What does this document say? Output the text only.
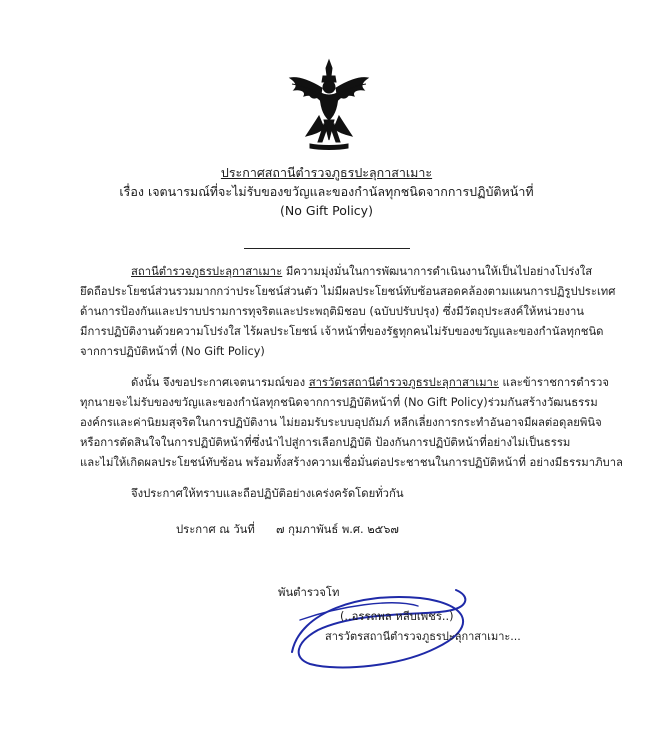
ประกาศสถานีตำรวจภูธรปะลุกาสาเมาะ
เรื่อง เจตนารมณ์ที่จะไม่รับของขวัญและของกำนัลทุกชนิดจากการปฏิบัติหน้าที่
(No Gift Policy)
สถานีตำรวจภูธรปะลุกาสาเมาะ มีความมุ่งมั่นในการพัฒนาการดำเนินงานให้เป็นไปอย่างโปร่งใส
ยึดถือประโยชน์ส่วนรวมมากกว่าประโยชน์ส่วนตัว ไม่มีผลประโยชน์ทับซ้อนสอดคล้องตามแผนการปฏิรูปประเทศ
ด้านการป้องกันและปราบปรามการทุจริตและประพฤติมิชอบ (ฉบับปรับปรุง) ซึ่งมีวัตถุประสงค์ให้หน่วยงาน
มีการปฏิบัติงานด้วยความโปร่งใส ไร้ผลประโยชน์ เจ้าหน้าที่ของรัฐทุกคนไม่รับของขวัญและของกำนัลทุกชนิด
จากการปฏิบัติหน้าที่ (No Gift Policy)
ดังนั้น จึงขอประกาศเจตนารมณ์ของ สารวัตรสถานีตำรวจภูธรปะลุกาสาเมาะ และข้าราชการตำรวจ
ทุกนายจะไม่รับของขวัญและของกำนัลทุกชนิดจากการปฏิบัติหน้าที่ (No Gift Policy)ร่วมกันสร้างวัฒนธรรม
องค์กรและค่านิยมสุจริตในการปฏิบัติงาน ไม่ยอมรับระบบอุปถัมภ์ หลีกเลี่ยงการกระทำอันอาจมีผลต่อดุลยพินิจ
หรือการตัดสินใจในการปฏิบัติหน้าที่ซึ่งนำไปสู่การเลือกปฏิบัติ ป้องกันการปฏิบัติหน้าที่อย่างไม่เป็นธรรม
และไม่ให้เกิดผลประโยชน์ทับซ้อน พร้อมทั้งสร้างความเชื่อมั่นต่อประชาชนในการปฏิบัติหน้าที่ อย่างมีธรรมาภิบาล
จึงประกาศให้ทราบและถือปฏิบัติอย่างเคร่งครัดโดยทั่วกัน
ประกาศ ณ วันที่ ๗ กุมภาพันธ์ พ.ศ. ๒๕๖๗
พันตำรวจโท
(..อรรถพล หลีบเพชร..)
สารวัตรสถานีตำรวจภูธรปะลุกาสาเมาะ...
